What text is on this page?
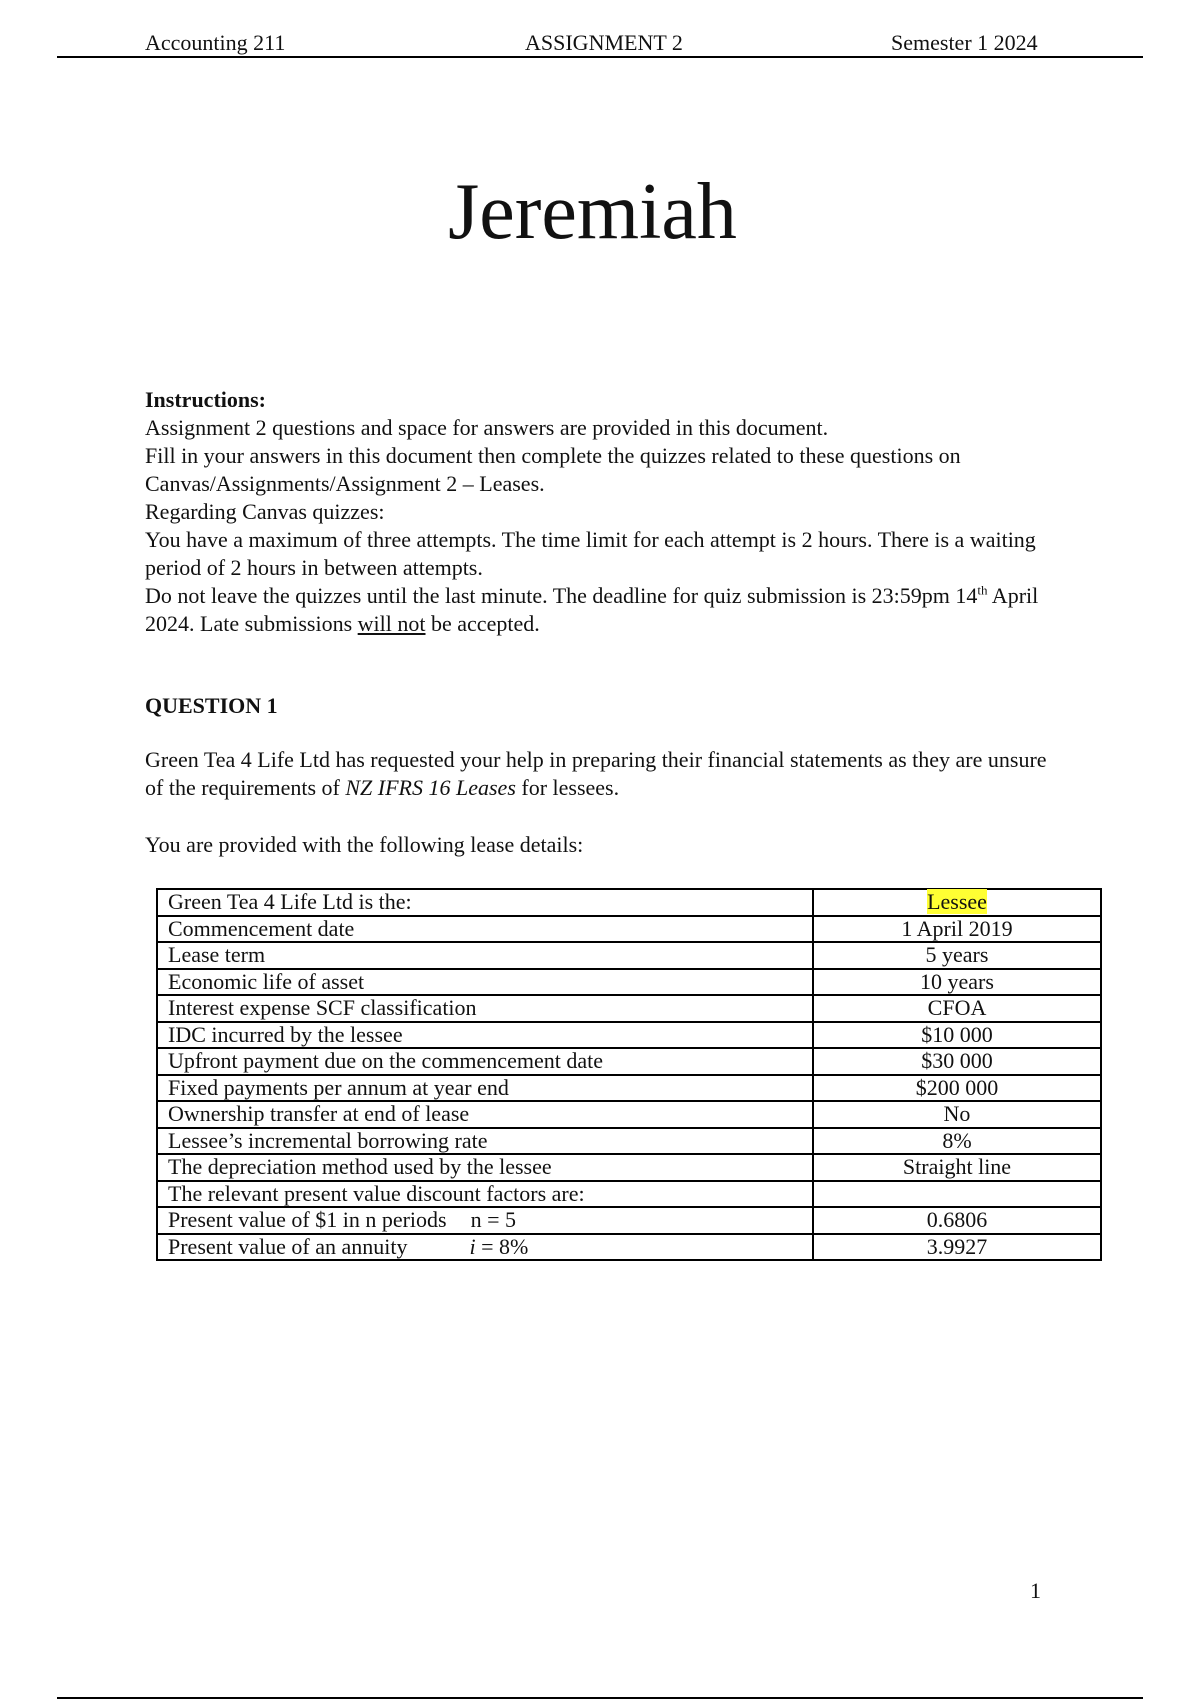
Accounting 211	ASSIGNMENT 2	Semester 1 2024
Jeremiah

Instructions:

Assignment 2 questions and space for answers are provided in this document.

Fill in your answers in this document then complete the quizzes related to these questions on Canvas/Assignments/Assignment 2 – Leases.

Regarding Canvas quizzes:

You have a maximum of three attempts. The time limit for each attempt is 2 hours. There is a waiting period of 2 hours in between attempts.

Do not leave the quizzes until the last minute. The deadline for quiz submission is 23:59pm 14th April 2024. Late submissions will not be accepted.

QUESTION 1

Green Tea 4 Life Ltd has requested your help in preparing their financial statements as they are unsure of the requirements of NZ IFRS 16 Leases for lessees.

You are provided with the following lease details:

Green Tea 4 Life Ltd is the:	Lessee
Commencement date	1 April 2019
Lease term	5 years
Economic life of asset	10 years
Interest expense SCF classification	CFOA
IDC incurred by the lessee	$10 000
Upfront payment due on the commencement date	$30 000
Fixed payments per annum at year end	$200 000
Ownership transfer at end of lease	No
Lessee’s incremental borrowing rate	8%
The depreciation method used by the lessee	Straight line
The relevant present value discount factors are:	
Present value of $1 in n periods n = 5	0.6806
Present value of an annuity i = 8%	3.9927
1
